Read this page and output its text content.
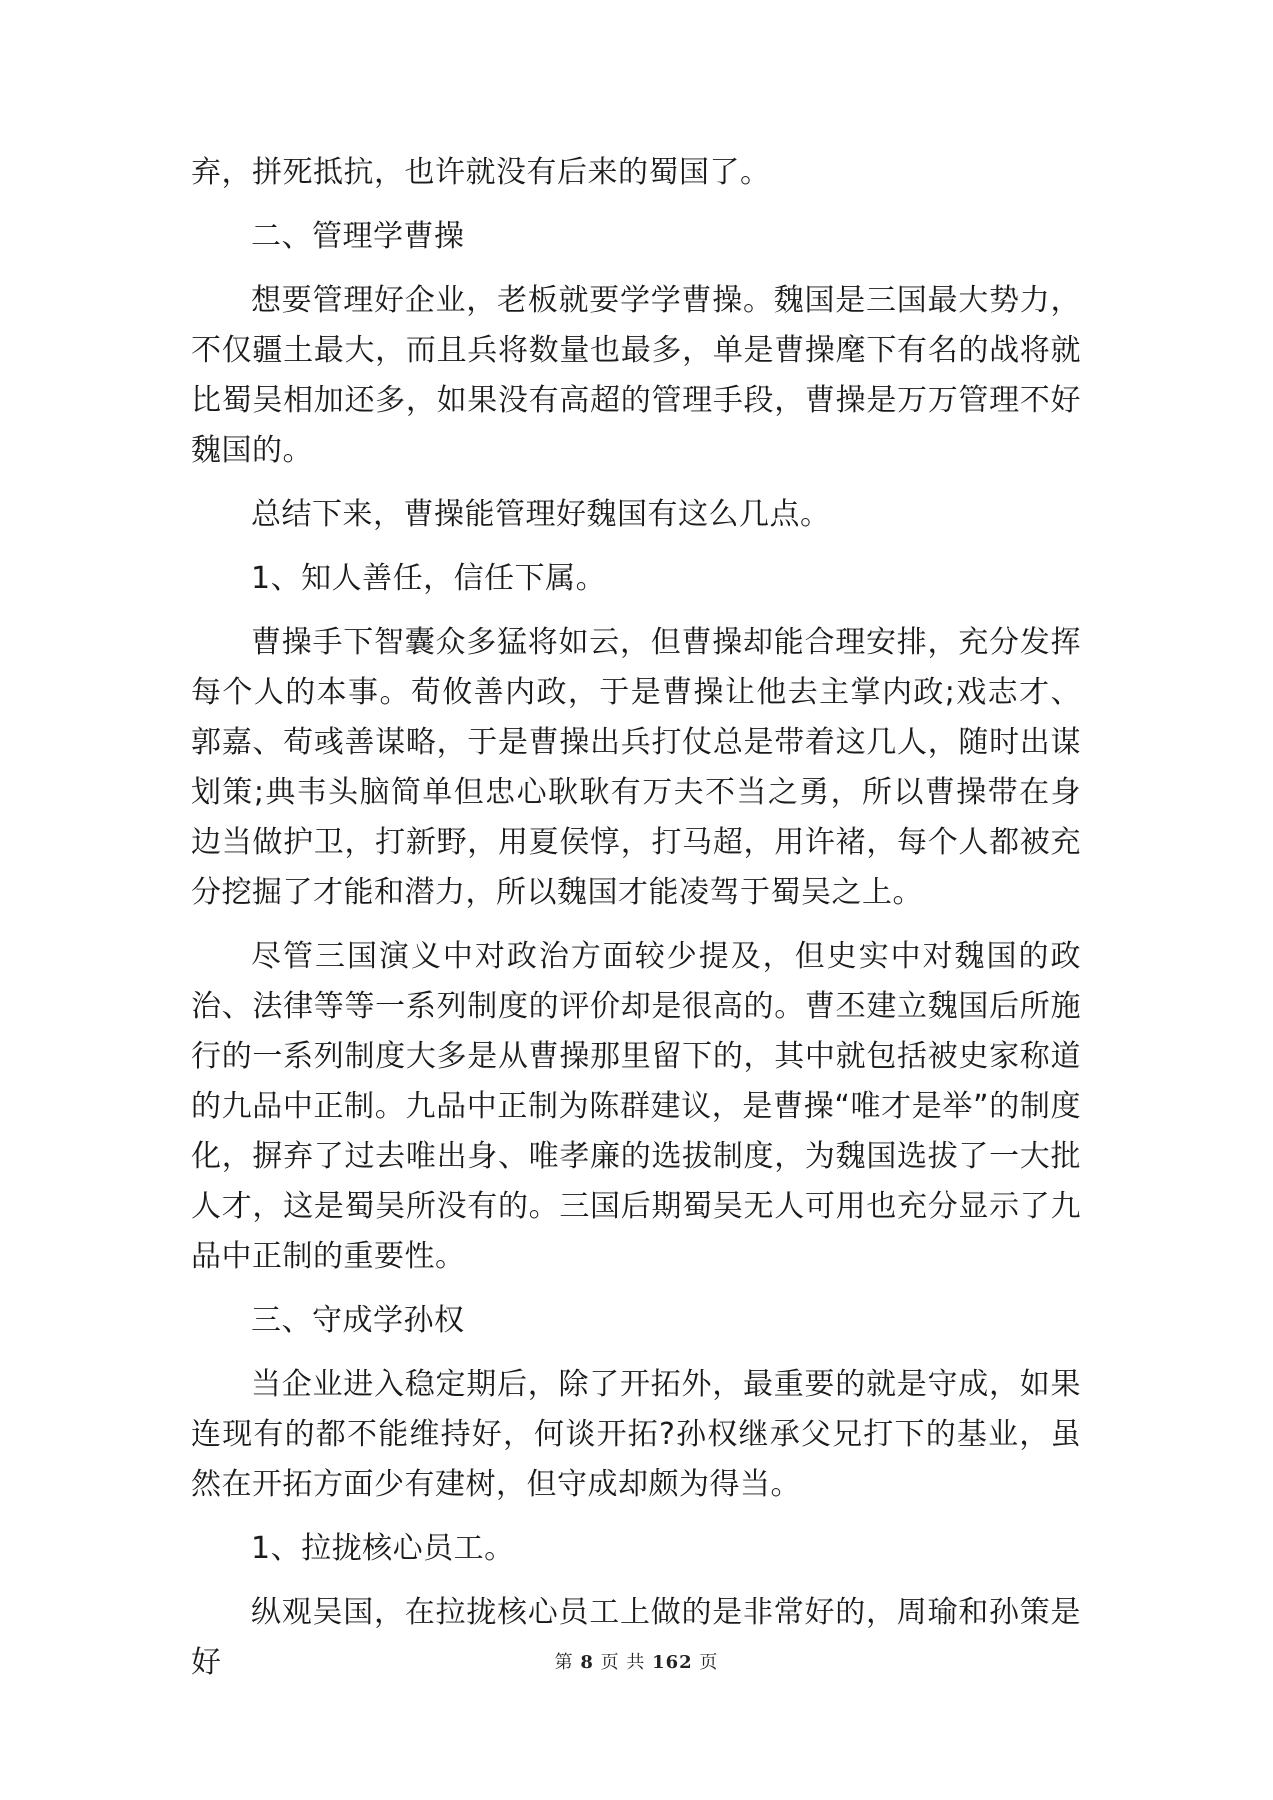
弃，拼死抵抗，也许就没有后来的蜀国了。

二、管理学曹操

想要管理好企业，老板就要学学曹操。魏国是三国最大势力，不仅疆土最大，而且兵将数量也最多，单是曹操麾下有名的战将就比蜀吴相加还多，如果没有高超的管理手段，曹操是万万管理不好魏国的。

总结下来，曹操能管理好魏国有这么几点。

1、知人善任，信任下属。

曹操手下智囊众多猛将如云，但曹操却能合理安排，充分发挥每个人的本事。荀攸善内政，于是曹操让他去主掌内政;戏志才、郭嘉、荀彧善谋略，于是曹操出兵打仗总是带着这几人，随时出谋划策;典韦头脑简单但忠心耿耿有万夫不当之勇，所以曹操带在身边当做护卫，打新野，用夏侯惇，打马超，用许褚，每个人都被充分挖掘了才能和潜力，所以魏国才能凌驾于蜀吴之上。

尽管三国演义中对政治方面较少提及，但史实中对魏国的政治、法律等等一系列制度的评价却是很高的。曹丕建立魏国后所施行的一系列制度大多是从曹操那里留下的，其中就包括被史家称道的九品中正制。九品中正制为陈群建议，是曹操“唯才是举”的制度化，摒弃了过去唯出身、唯孝廉的选拔制度，为魏国选拔了一大批人才，这是蜀吴所没有的。三国后期蜀吴无人可用也充分显示了九品中正制的重要性。

三、守成学孙权

当企业进入稳定期后，除了开拓外，最重要的就是守成，如果连现有的都不能维持好，何谈开拓?孙权继承父兄打下的基业，虽然在开拓方面少有建树，但守成却颇为得当。

1、拉拢核心员工。

纵观吴国，在拉拢核心员工上做的是非常好的，周瑜和孙策是好	第 8 页 共 162 页
